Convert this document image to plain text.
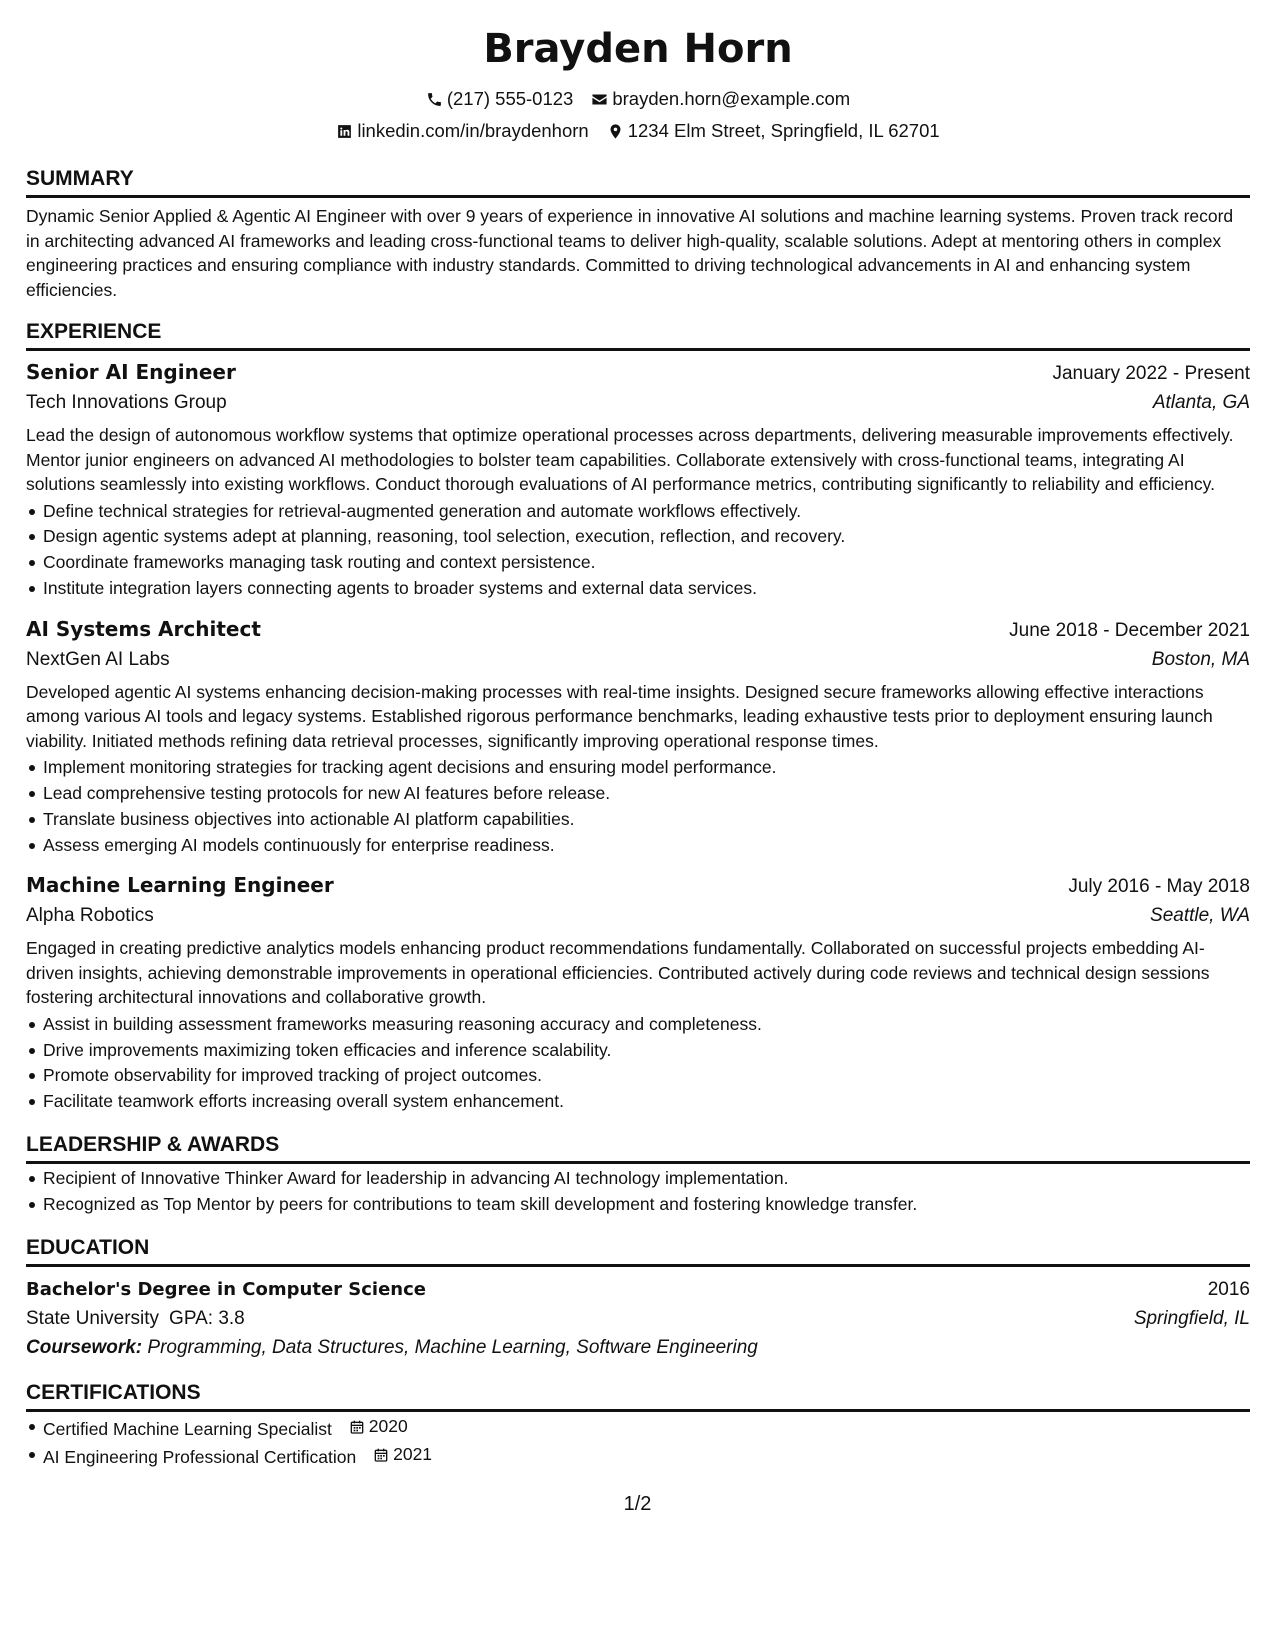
Brayden Horn
(217) 555-0123 brayden.horn@example.com
linkedin.com/in/braydenhorn 1234 Elm Street, Springfield, IL 62701
SUMMARY
Dynamic Senior Applied & Agentic AI Engineer with over 9 years of experience in innovative AI solutions and machine learning systems. Proven track record in architecting advanced AI frameworks and leading cross-functional teams to deliver high-quality, scalable solutions. Adept at mentoring others in complex engineering practices and ensuring compliance with industry standards. Committed to driving technological advancements in AI and enhancing system efficiencies.
EXPERIENCE
Senior AI Engineer	January 2022 - Present
Tech Innovations Group	Atlanta, GA
Lead the design of autonomous workflow systems that optimize operational processes across departments, delivering measurable improvements effectively. Mentor junior engineers on advanced AI methodologies to bolster team capabilities. Collaborate extensively with cross-functional teams, integrating AI solutions seamlessly into existing workflows. Conduct thorough evaluations of AI performance metrics, contributing significantly to reliability and efficiency.
Define technical strategies for retrieval-augmented generation and automate workflows effectively.
Design agentic systems adept at planning, reasoning, tool selection, execution, reflection, and recovery.
Coordinate frameworks managing task routing and context persistence.
Institute integration layers connecting agents to broader systems and external data services.
AI Systems Architect	June 2018 - December 2021
NextGen AI Labs	Boston, MA
Developed agentic AI systems enhancing decision-making processes with real-time insights. Designed secure frameworks allowing effective interactions among various AI tools and legacy systems. Established rigorous performance benchmarks, leading exhaustive tests prior to deployment ensuring launch viability. Initiated methods refining data retrieval processes, significantly improving operational response times.
Implement monitoring strategies for tracking agent decisions and ensuring model performance.
Lead comprehensive testing protocols for new AI features before release.
Translate business objectives into actionable AI platform capabilities.
Assess emerging AI models continuously for enterprise readiness.
Machine Learning Engineer	July 2016 - May 2018
Alpha Robotics	Seattle, WA
Engaged in creating predictive analytics models enhancing product recommendations fundamentally. Collaborated on successful projects embedding AI-driven insights, achieving demonstrable improvements in operational efficiencies. Contributed actively during code reviews and technical design sessions fostering architectural innovations and collaborative growth.
Assist in building assessment frameworks measuring reasoning accuracy and completeness.
Drive improvements maximizing token efficacies and inference scalability.
Promote observability for improved tracking of project outcomes.
Facilitate teamwork efforts increasing overall system enhancement.
LEADERSHIP & AWARDS
Recipient of Innovative Thinker Award for leadership in advancing AI technology implementation.
Recognized as Top Mentor by peers for contributions to team skill development and fostering knowledge transfer.
EDUCATION
Bachelor's Degree in Computer Science	2016
State University GPA: 3.8	Springfield, IL
Coursework: Programming, Data Structures, Machine Learning, Software Engineering
CERTIFICATIONS
Certified Machine Learning Specialist 2020
AI Engineering Professional Certification 2021
1/2
